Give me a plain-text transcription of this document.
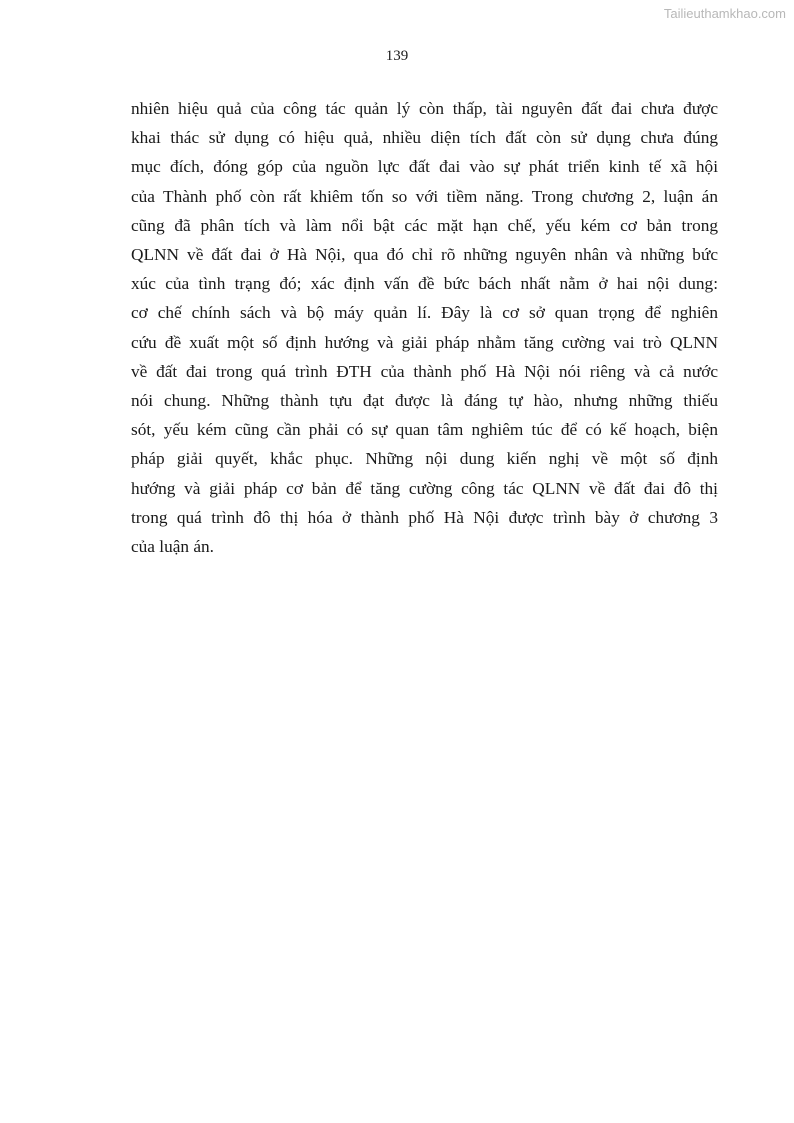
Tailieuthamkhao.com
139
nhiên hiệu quả của công tác quản lý còn thấp, tài nguyên đất đai chưa được
khai thác sử dụng có hiệu quả, nhiều diện tích đất còn sử dụng chưa đúng
mục đích, đóng góp của nguồn lực đất đai vào sự phát triển kinh tế xã hội
của Thành phố còn rất khiêm tốn so với tiềm năng. Trong chương 2, luận án
cũng đã phân tích và làm nổi bật các mặt hạn chế, yếu kém cơ bản trong
QLNN về đất đai ở Hà Nội, qua đó chỉ rõ những nguyên nhân và những bức
xúc của tình trạng đó; xác định vấn đề bức bách nhất nằm ở hai nội dung:
cơ chế chính sách và bộ máy quản lí. Đây là cơ sở quan trọng để nghiên
cứu đề xuất một số định hướng và giải pháp nhằm tăng cường vai trò QLNN
về đất đai trong quá trình ĐTH của thành phố Hà Nội nói riêng và cả nước
nói chung. Những thành tựu đạt được là đáng tự hào, nhưng những thiếu
sót, yếu kém cũng cần phải có sự quan tâm nghiêm túc để có kế hoạch, biện
pháp giải quyết, khắc phục. Những nội dung kiến nghị về một số định
hướng và giải pháp cơ bản để tăng cường công tác QLNN về đất đai đô thị
trong quá trình đô thị hóa ở thành phố Hà Nội được trình bày ở chương 3
của luận án.
